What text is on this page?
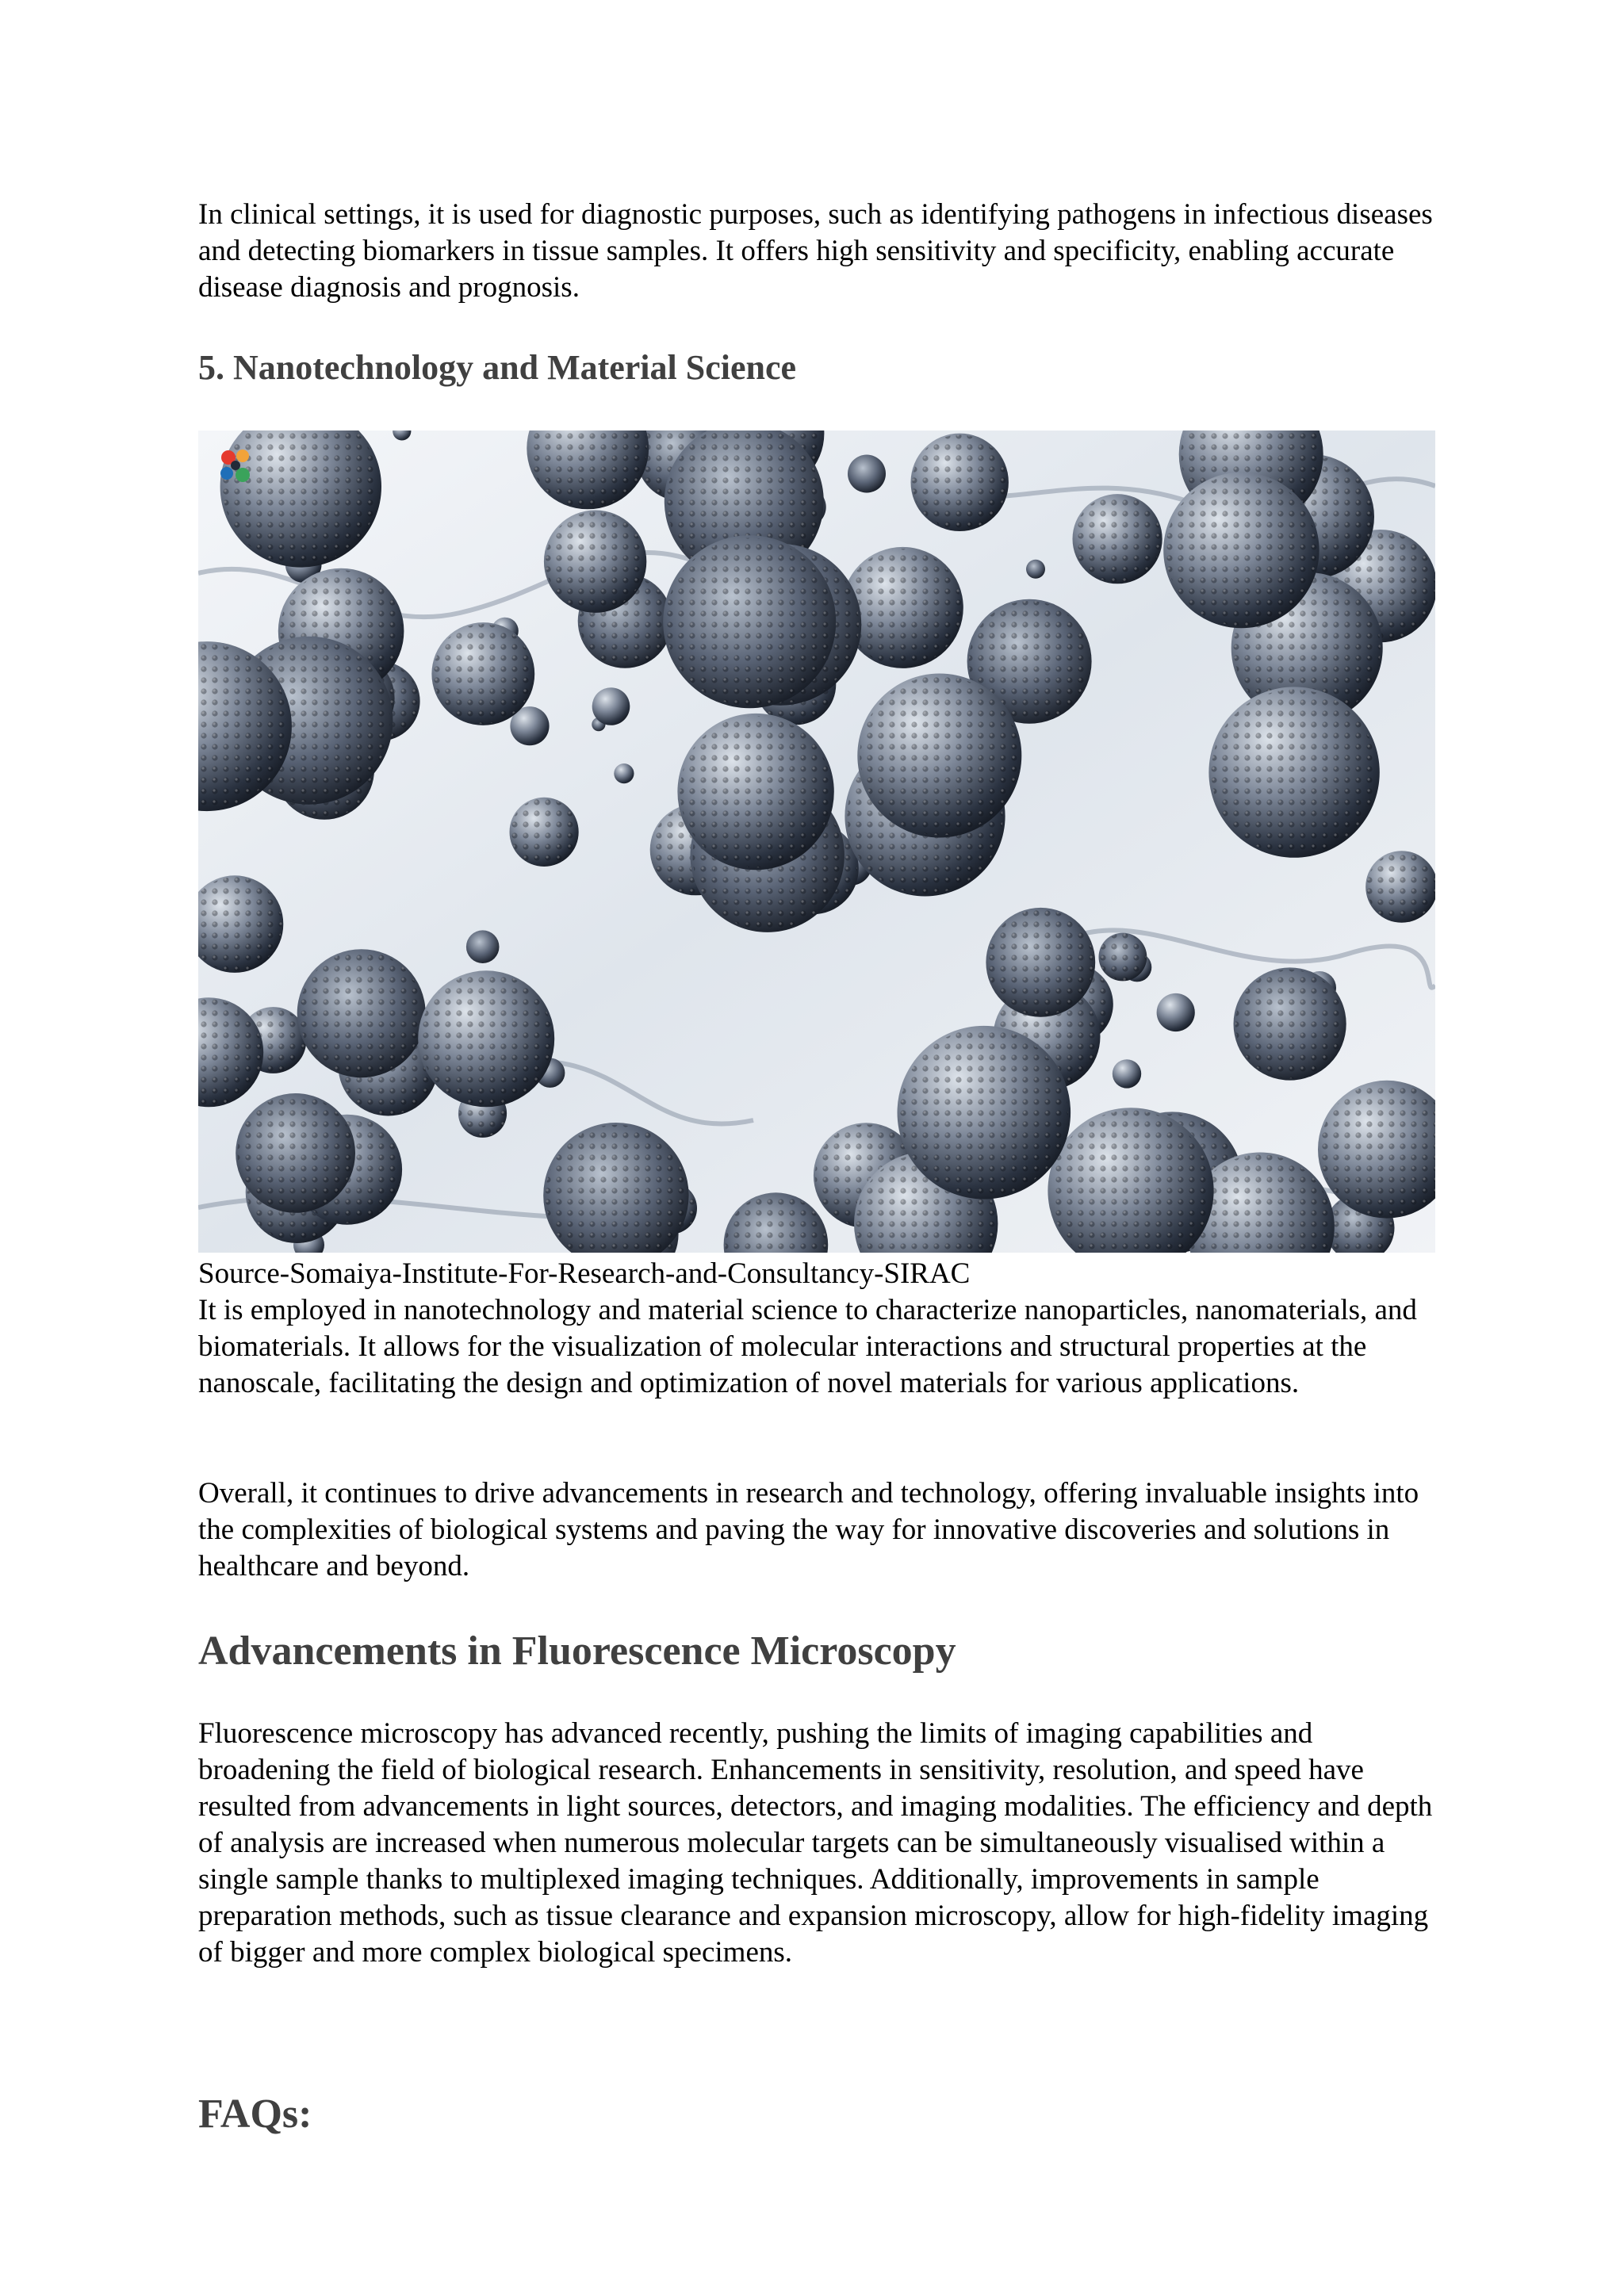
In clinical settings, it is used for diagnostic purposes, such as identifying pathogens in infectious diseases and detecting biomarkers in tissue samples. It offers high sensitivity and specificity, enabling accurate disease diagnosis and prognosis.

5. Nanotechnology and Material Science

Source-Somaiya-Institute-For-Research-and-Consultancy-SIRAC

It is employed in nanotechnology and material science to characterize nanoparticles, nanomaterials, and biomaterials. It allows for the visualization of molecular interactions and structural properties at the nanoscale, facilitating the design and optimization of novel materials for various applications.

Overall, it continues to drive advancements in research and technology, offering invaluable insights into the complexities of biological systems and paving the way for innovative discoveries and solutions in healthcare and beyond.

Advancements in Fluorescence Microscopy

Fluorescence microscopy has advanced recently, pushing the limits of imaging capabilities and broadening the field of biological research. Enhancements in sensitivity, resolution, and speed have resulted from advancements in light sources, detectors, and imaging modalities. The efficiency and depth of analysis are increased when numerous molecular targets can be simultaneously visualised within a single sample thanks to multiplexed imaging techniques. Additionally, improvements in sample preparation methods, such as tissue clearance and expansion microscopy, allow for high-fidelity imaging of bigger and more complex biological specimens.

FAQs:
